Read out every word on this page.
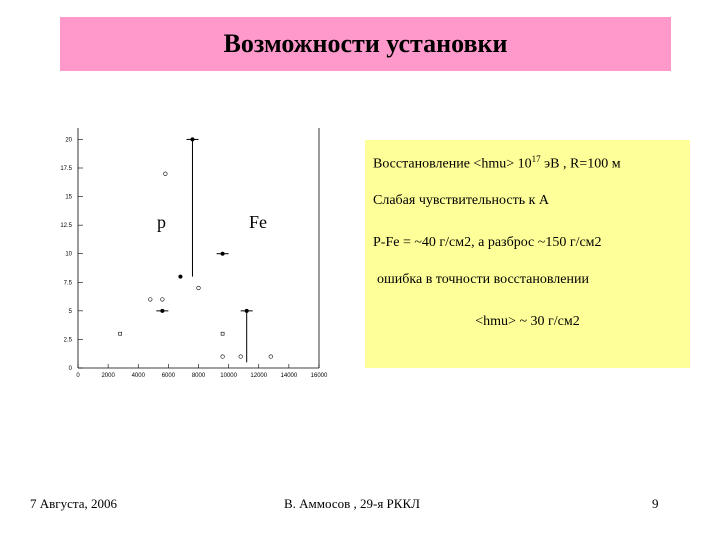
Возможности установки
0
2.5
5
7.5
10
12.5
15
17.5
20
0	2000	4000	6000	8000	10000 12000 14000 16000
p	Fe
Восстановление $<hmu> 10^{17}$ эВ , R=100 м
Слабая чувствительность к А
P-Fe = ~40 г/см2, а разброс ~150 г/см2
ошибка в точности восстановлении
<hmu> ~ 30 г/см2
7 Августа, 2006	В. Аммосов , 29-я РККЛ	9
